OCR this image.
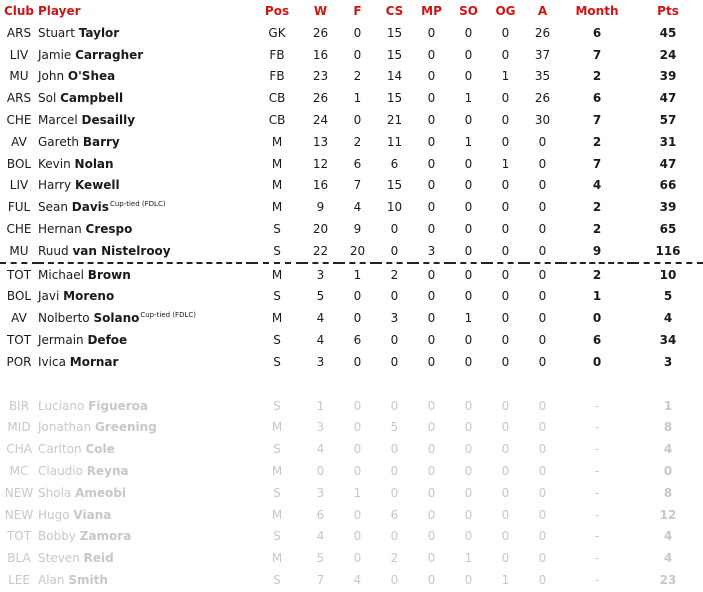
Club	Player	Pos	W	F	CS	MP	SO	OG	A	Month	Pts
ARS	Stuart Taylor	GK	26	0	15	0	0	0	26	6	45
LIV	Jamie Carragher	FB	16	0	15	0	0	0	37	7	24
MU	John O'Shea	FB	23	2	14	0	0	1	35	2	39
ARS	Sol Campbell	CB	26	1	15	0	1	0	26	6	47
CHE	Marcel Desailly	CB	24	0	21	0	0	0	30	7	57
AV	Gareth Barry	M	13	2	11	0	1	0	0	2	31
BOL	Kevin Nolan	M	12	6	6	0	0	1	0	7	47
LIV	Harry Kewell	M	16	7	15	0	0	0	0	4	66
FUL	Sean Davis$^{Cup-tied (FDLC)}$	M	9	4	10	0	0	0	0	2	39
CHE	Hernan Crespo	S	20	9	0	0	0	0	0	2	65
MU	Ruud van Nistelrooy	S	22	20	0	3	0	0	0	9	116
TOT	Michael Brown	M	3	1	2	0	0	0	0	2	10
BOL	Javi Moreno	S	5	0	0	0	0	0	0	1	5
AV	Nolberto Solano$^{Cup-tied (FDLC)}$	M	4	0	3	0	1	0	0	0	4
TOT	Jermain Defoe	S	4	6	0	0	0	0	0	6	34
POR	Ivica Mornar	S	3	0	0	0	0	0	0	0	3

BIR	Luciano Figueroa	S	1	0	0	0	0	0	0	-	1
MID	Jonathan Greening	M	3	0	5	0	0	0	0	-	8
CHA	Carlton Cole	S	4	0	0	0	0	0	0	-	4
MC	Claudio Reyna	M	0	0	0	0	0	0	0	-	0
NEW	Shola Ameobi	S	3	1	0	0	0	0	0	-	8
NEW	Hugo Viana	M	6	0	6	0	0	0	0	-	12
TOT	Bobby Zamora	S	4	0	0	0	0	0	0	-	4
BLA	Steven Reid	M	5	0	2	0	1	0	0	-	4
LEE	Alan Smith	S	7	4	0	0	0	1	0	-	23
